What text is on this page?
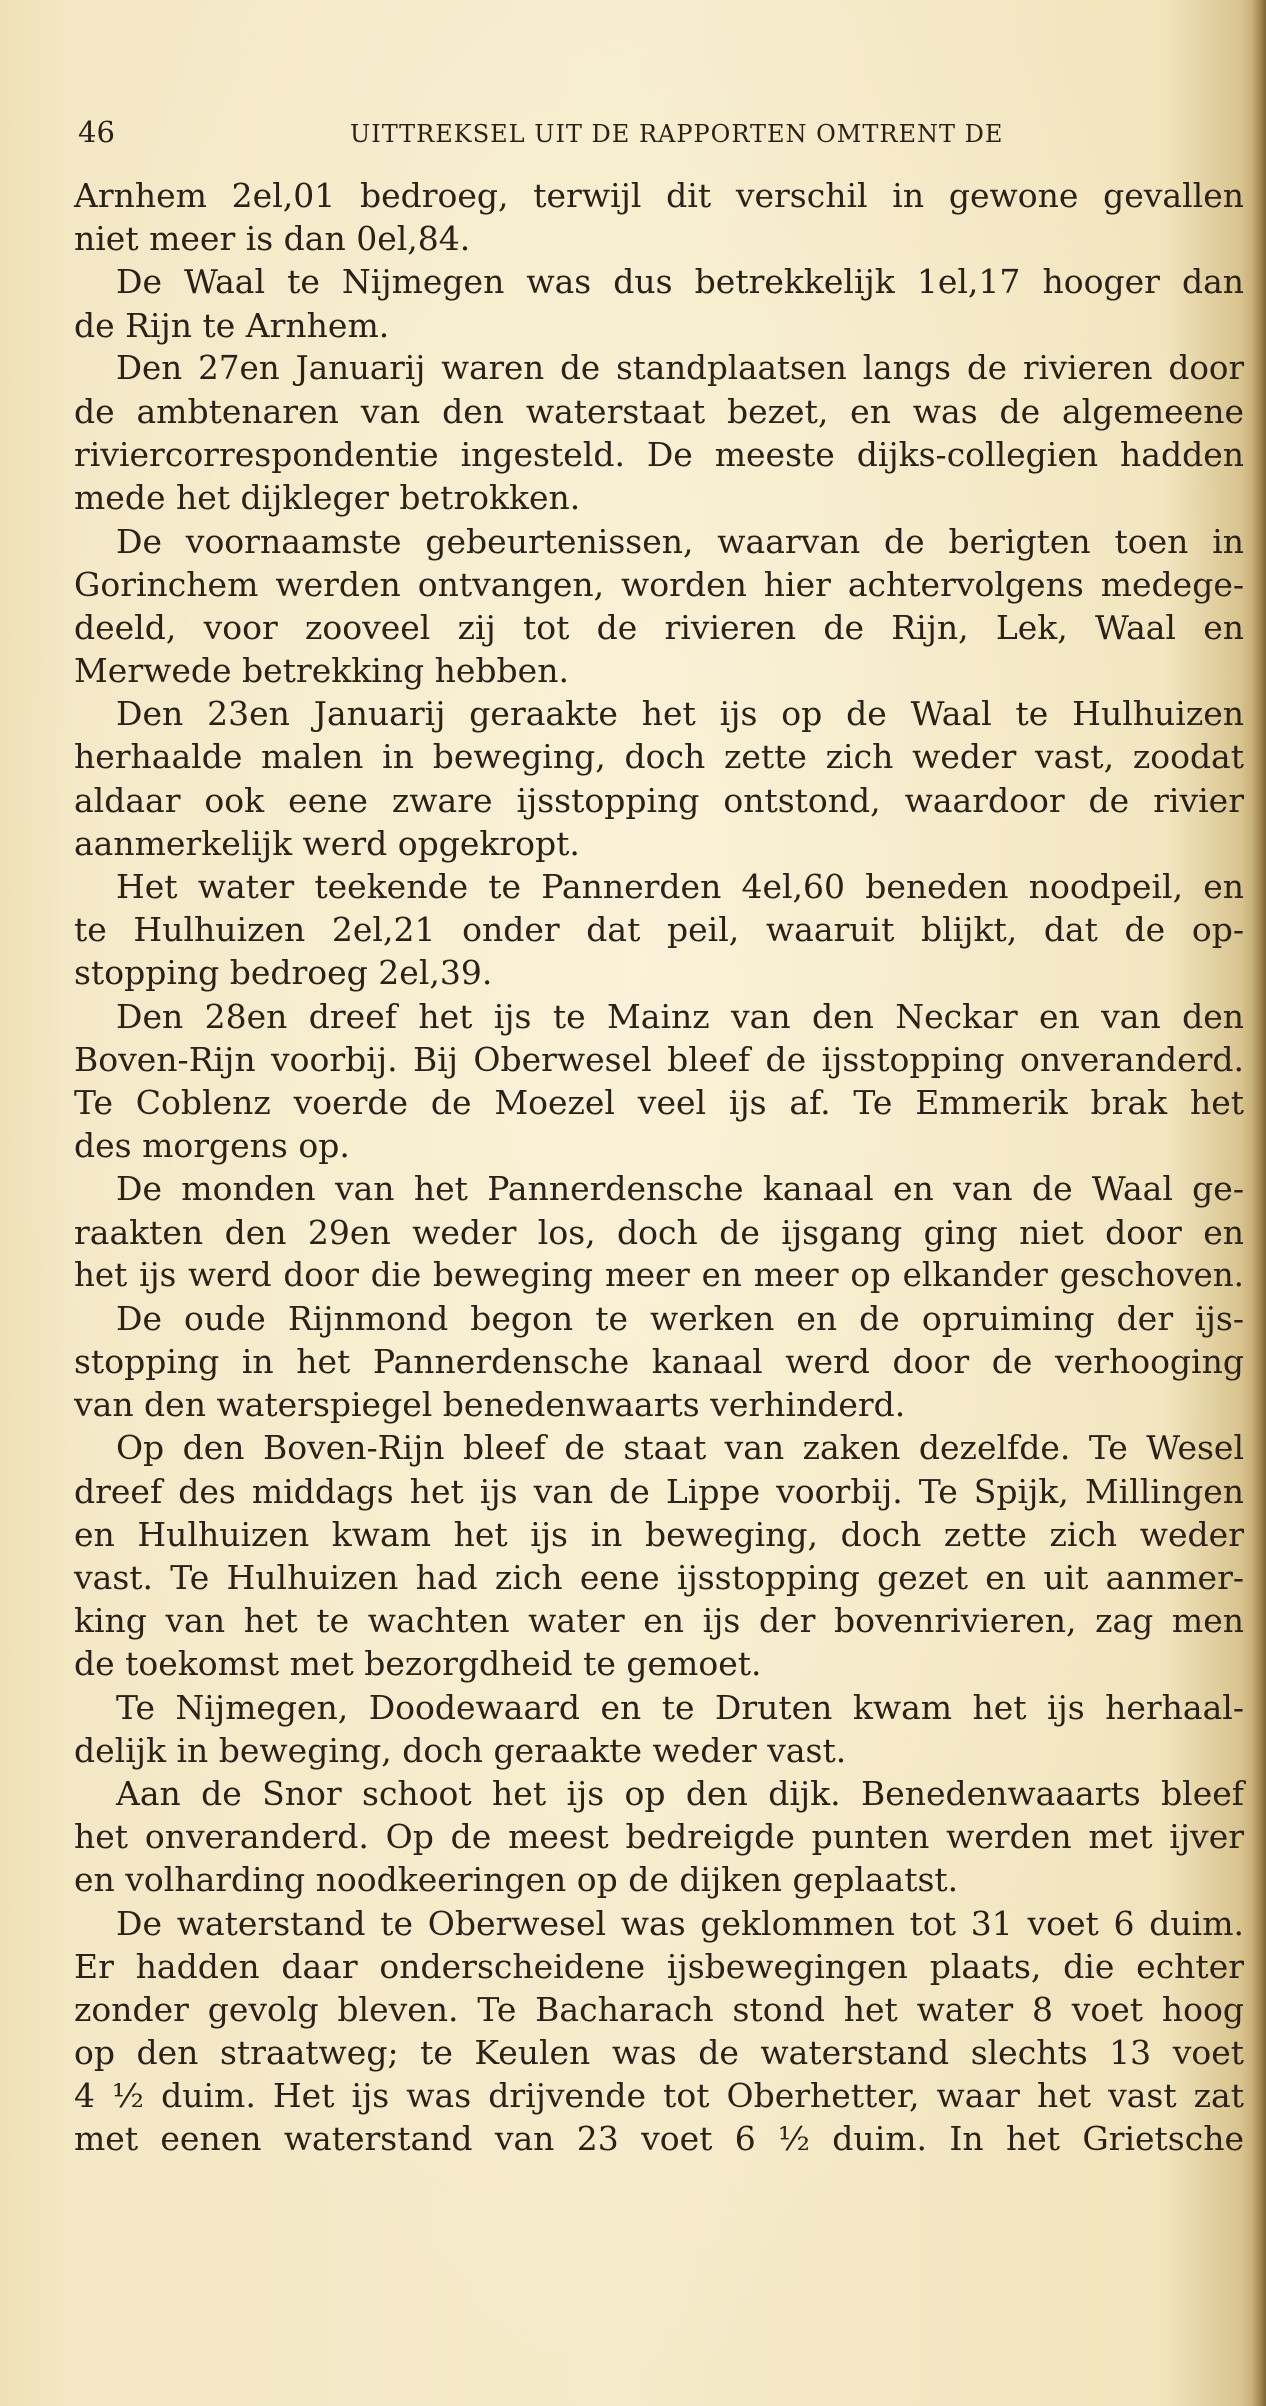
46	UITTREKSEL UIT DE RAPPORTEN OMTRENT DE
Arnhem 2el,01 bedroeg, terwijl dit verschil in gewone gevallen
niet meer is dan 0el,84.
De Waal te Nijmegen was dus betrekkelijk 1el,17 hooger dan
de Rijn te Arnhem.
Den 27en Januarij waren de standplaatsen langs de rivieren door
de ambtenaren van den waterstaat bezet, en was de algemeene
riviercorrespondentie ingesteld. De meeste dijks-collegien hadden
mede het dijkleger betrokken.
De voornaamste gebeurtenissen, waarvan de berigten toen in
Gorinchem werden ontvangen, worden hier achtervolgens medege-
deeld, voor zooveel zij tot de rivieren de Rijn, Lek, Waal en
Merwede betrekking hebben.
Den 23en Januarij geraakte het ijs op de Waal te Hulhuizen
herhaalde malen in beweging, doch zette zich weder vast, zoodat
aldaar ook eene zware ijsstopping ontstond, waardoor de rivier
aanmerkelijk werd opgekropt.
Het water teekende te Pannerden 4el,60 beneden noodpeil, en
te Hulhuizen 2el,21 onder dat peil, waaruit blijkt, dat de op-
stopping bedroeg 2el,39.
Den 28en dreef het ijs te Mainz van den Neckar en van den
Boven-Rijn voorbij. Bij Oberwesel bleef de ijsstopping onveranderd.
Te Coblenz voerde de Moezel veel ijs af. Te Emmerik brak het
des morgens op.
De monden van het Pannerdensche kanaal en van de Waal ge-
raakten den 29en weder los, doch de ijsgang ging niet door en
het ijs werd door die beweging meer en meer op elkander geschoven.
De oude Rijnmond begon te werken en de opruiming der ijs-
stopping in het Pannerdensche kanaal werd door de verhooging
van den waterspiegel benedenwaarts verhinderd.
Op den Boven-Rijn bleef de staat van zaken dezelfde. Te Wesel
dreef des middags het ijs van de Lippe voorbij. Te Spijk, Millingen
en Hulhuizen kwam het ijs in beweging, doch zette zich weder
vast. Te Hulhuizen had zich eene ijsstopping gezet en uit aanmer-
king van het te wachten water en ijs der bovenrivieren, zag men
de toekomst met bezorgdheid te gemoet.
Te Nijmegen, Doodewaard en te Druten kwam het ijs herhaal-
delijk in beweging, doch geraakte weder vast.
Aan de Snor schoot het ijs op den dijk. Benedenwaaarts bleef
het onveranderd. Op de meest bedreigde punten werden met ijver
en volharding noodkeeringen op de dijken geplaatst.
De waterstand te Oberwesel was geklommen tot 31 voet 6 duim.
Er hadden daar onderscheidene ijsbewegingen plaats, die echter
zonder gevolg bleven. Te Bacharach stond het water 8 voet hoog
op den straatweg; te Keulen was de waterstand slechts 13 voet
4 ½ duim. Het ijs was drijvende tot Oberhetter, waar het vast zat
met eenen waterstand van 23 voet 6 ½ duim. In het Grietsche
